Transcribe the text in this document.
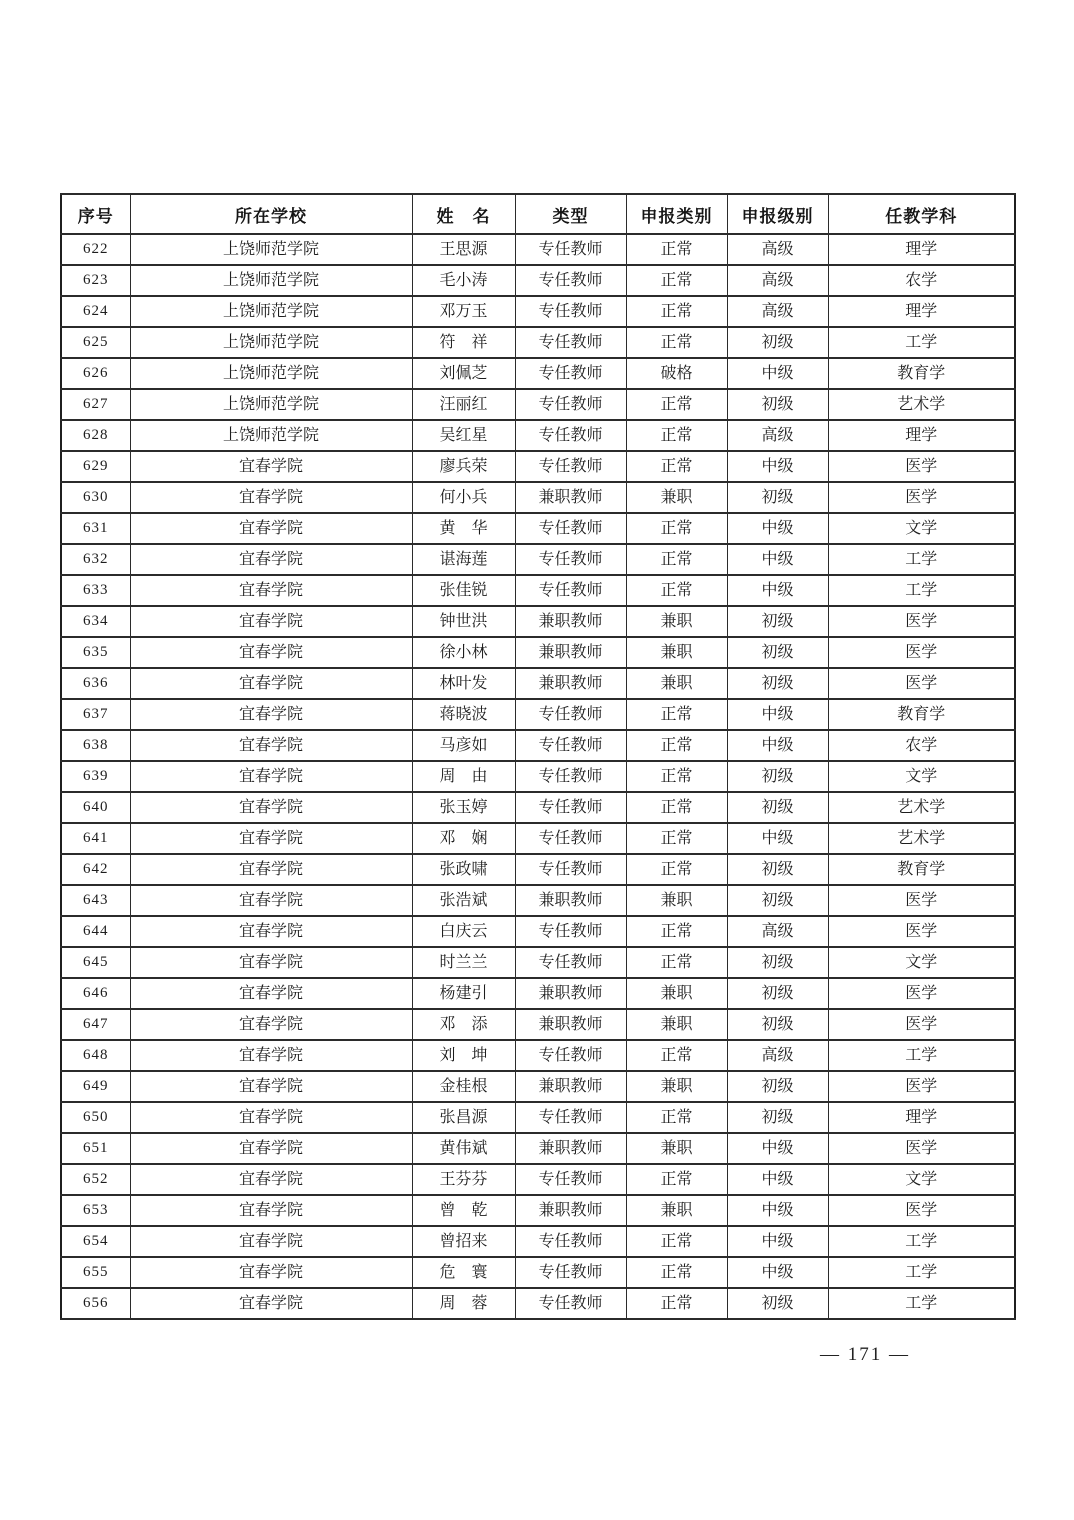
序号	所在学校	姓　名	类型	申报类别	申报级别	任教学科
622	上饶师范学院	王思源	专任教师	正常	高级	理学
623	上饶师范学院	毛小涛	专任教师	正常	高级	农学
624	上饶师范学院	邓万玉	专任教师	正常	高级	理学
625	上饶师范学院	符　祥	专任教师	正常	初级	工学
626	上饶师范学院	刘佩芝	专任教师	破格	中级	教育学
627	上饶师范学院	汪丽红	专任教师	正常	初级	艺术学
628	上饶师范学院	吴红星	专任教师	正常	高级	理学
629	宜春学院	廖兵荣	专任教师	正常	中级	医学
630	宜春学院	何小兵	兼职教师	兼职	初级	医学
631	宜春学院	黄　华	专任教师	正常	中级	文学
632	宜春学院	谌海莲	专任教师	正常	中级	工学
633	宜春学院	张佳锐	专任教师	正常	中级	工学
634	宜春学院	钟世洪	兼职教师	兼职	初级	医学
635	宜春学院	徐小林	兼职教师	兼职	初级	医学
636	宜春学院	林叶发	兼职教师	兼职	初级	医学
637	宜春学院	蒋晓波	专任教师	正常	中级	教育学
638	宜春学院	马彦如	专任教师	正常	中级	农学
639	宜春学院	周　由	专任教师	正常	初级	文学
640	宜春学院	张玉婷	专任教师	正常	初级	艺术学
641	宜春学院	邓　娴	专任教师	正常	中级	艺术学
642	宜春学院	张政啸	专任教师	正常	初级	教育学
643	宜春学院	张浩斌	兼职教师	兼职	初级	医学
644	宜春学院	白庆云	专任教师	正常	高级	医学
645	宜春学院	时兰兰	专任教师	正常	初级	文学
646	宜春学院	杨建引	兼职教师	兼职	初级	医学
647	宜春学院	邓　添	兼职教师	兼职	初级	医学
648	宜春学院	刘　坤	专任教师	正常	高级	工学
649	宜春学院	金桂根	兼职教师	兼职	初级	医学
650	宜春学院	张昌源	专任教师	正常	初级	理学
651	宜春学院	黄伟斌	兼职教师	兼职	中级	医学
652	宜春学院	王芬芬	专任教师	正常	中级	文学
653	宜春学院	曾　乾	兼职教师	兼职	中级	医学
654	宜春学院	曾招来	专任教师	正常	中级	工学
655	宜春学院	危　寰	专任教师	正常	中级	工学
656	宜春学院	周　蓉	专任教师	正常	初级	工学
— 171 —
